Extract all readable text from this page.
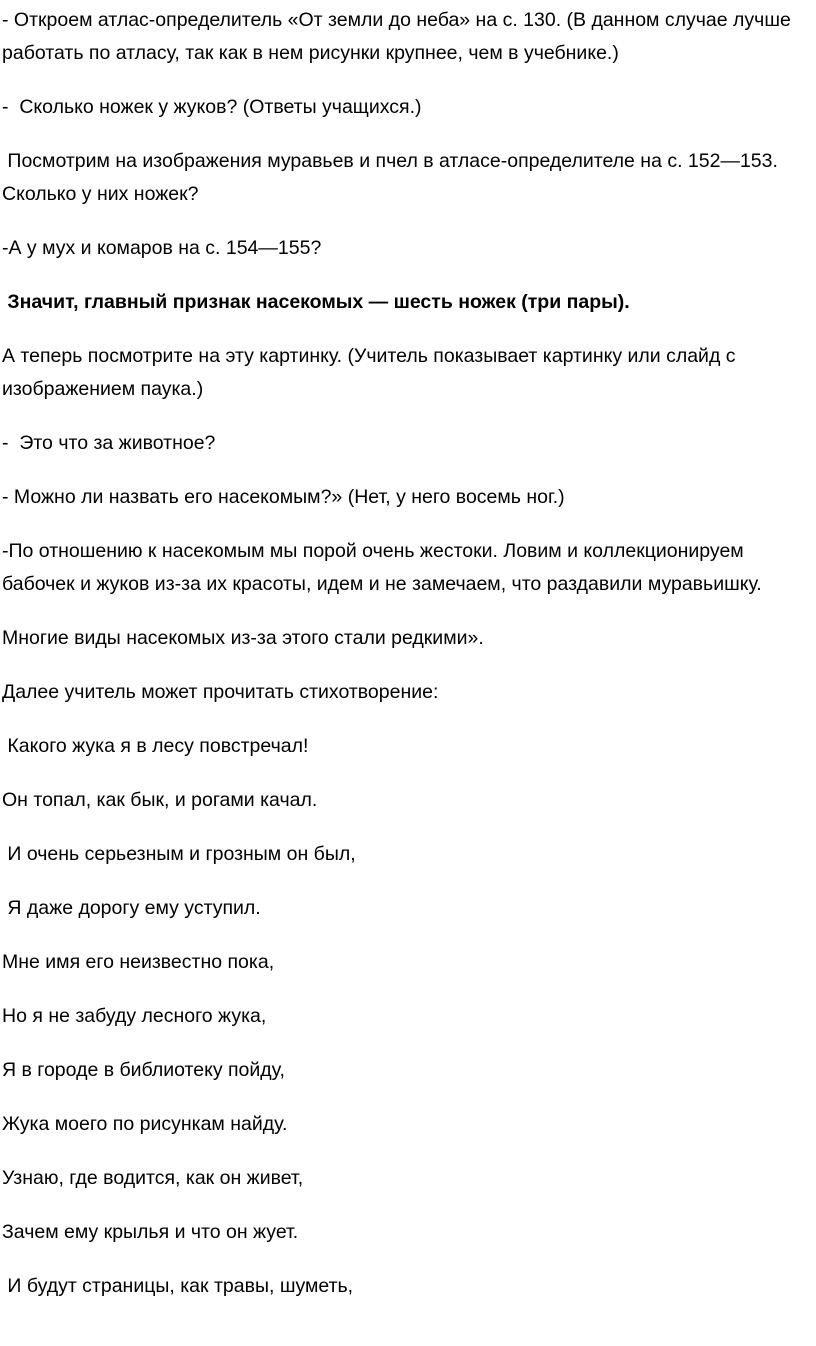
- Откроем атлас-определитель «От земли до неба» на с. 130. (В данном случае лучше работать по атласу, так как в нем рисунки крупнее, чем в учебнике.)

-  Сколько ножек у жуков? (Ответы учащихся.)

Посмотрим на изображения муравьев и пчел в атласе-определителе на с. 152—153. Сколько у них ножек?

-А у мух и комаров на с. 154—155?

Значит, главный признак насекомых — шесть ножек (три пары).

А теперь посмотрите на эту картинку. (Учитель показывает картинку или слайд с изображением паука.)

-  Это что за животное?

- Можно ли назвать его насекомым?» (Нет, у него восемь ног.)

-По отношению к насекомым мы порой очень жестоки. Ловим и коллекционируем бабочек и жуков из-за их красоты, идем и не замечаем, что раздавили муравьишку.

Многие виды насекомых из-за этого стали редкими».

Далее учитель может прочитать стихотворение:

Какого жука я в лесу повстречал!

Он топал, как бык, и рогами качал.

И очень серьезным и грозным он был,

Я даже дорогу ему уступил.

Мне имя его неизвестно пока,

Но я не забуду лесного жука,

Я в городе в библиотеку пойду,

Жука моего по рисункам найду.

Узнаю, где водится, как он живет,

Зачем ему крылья и что он жует.

И будут страницы, как травы, шуметь,
